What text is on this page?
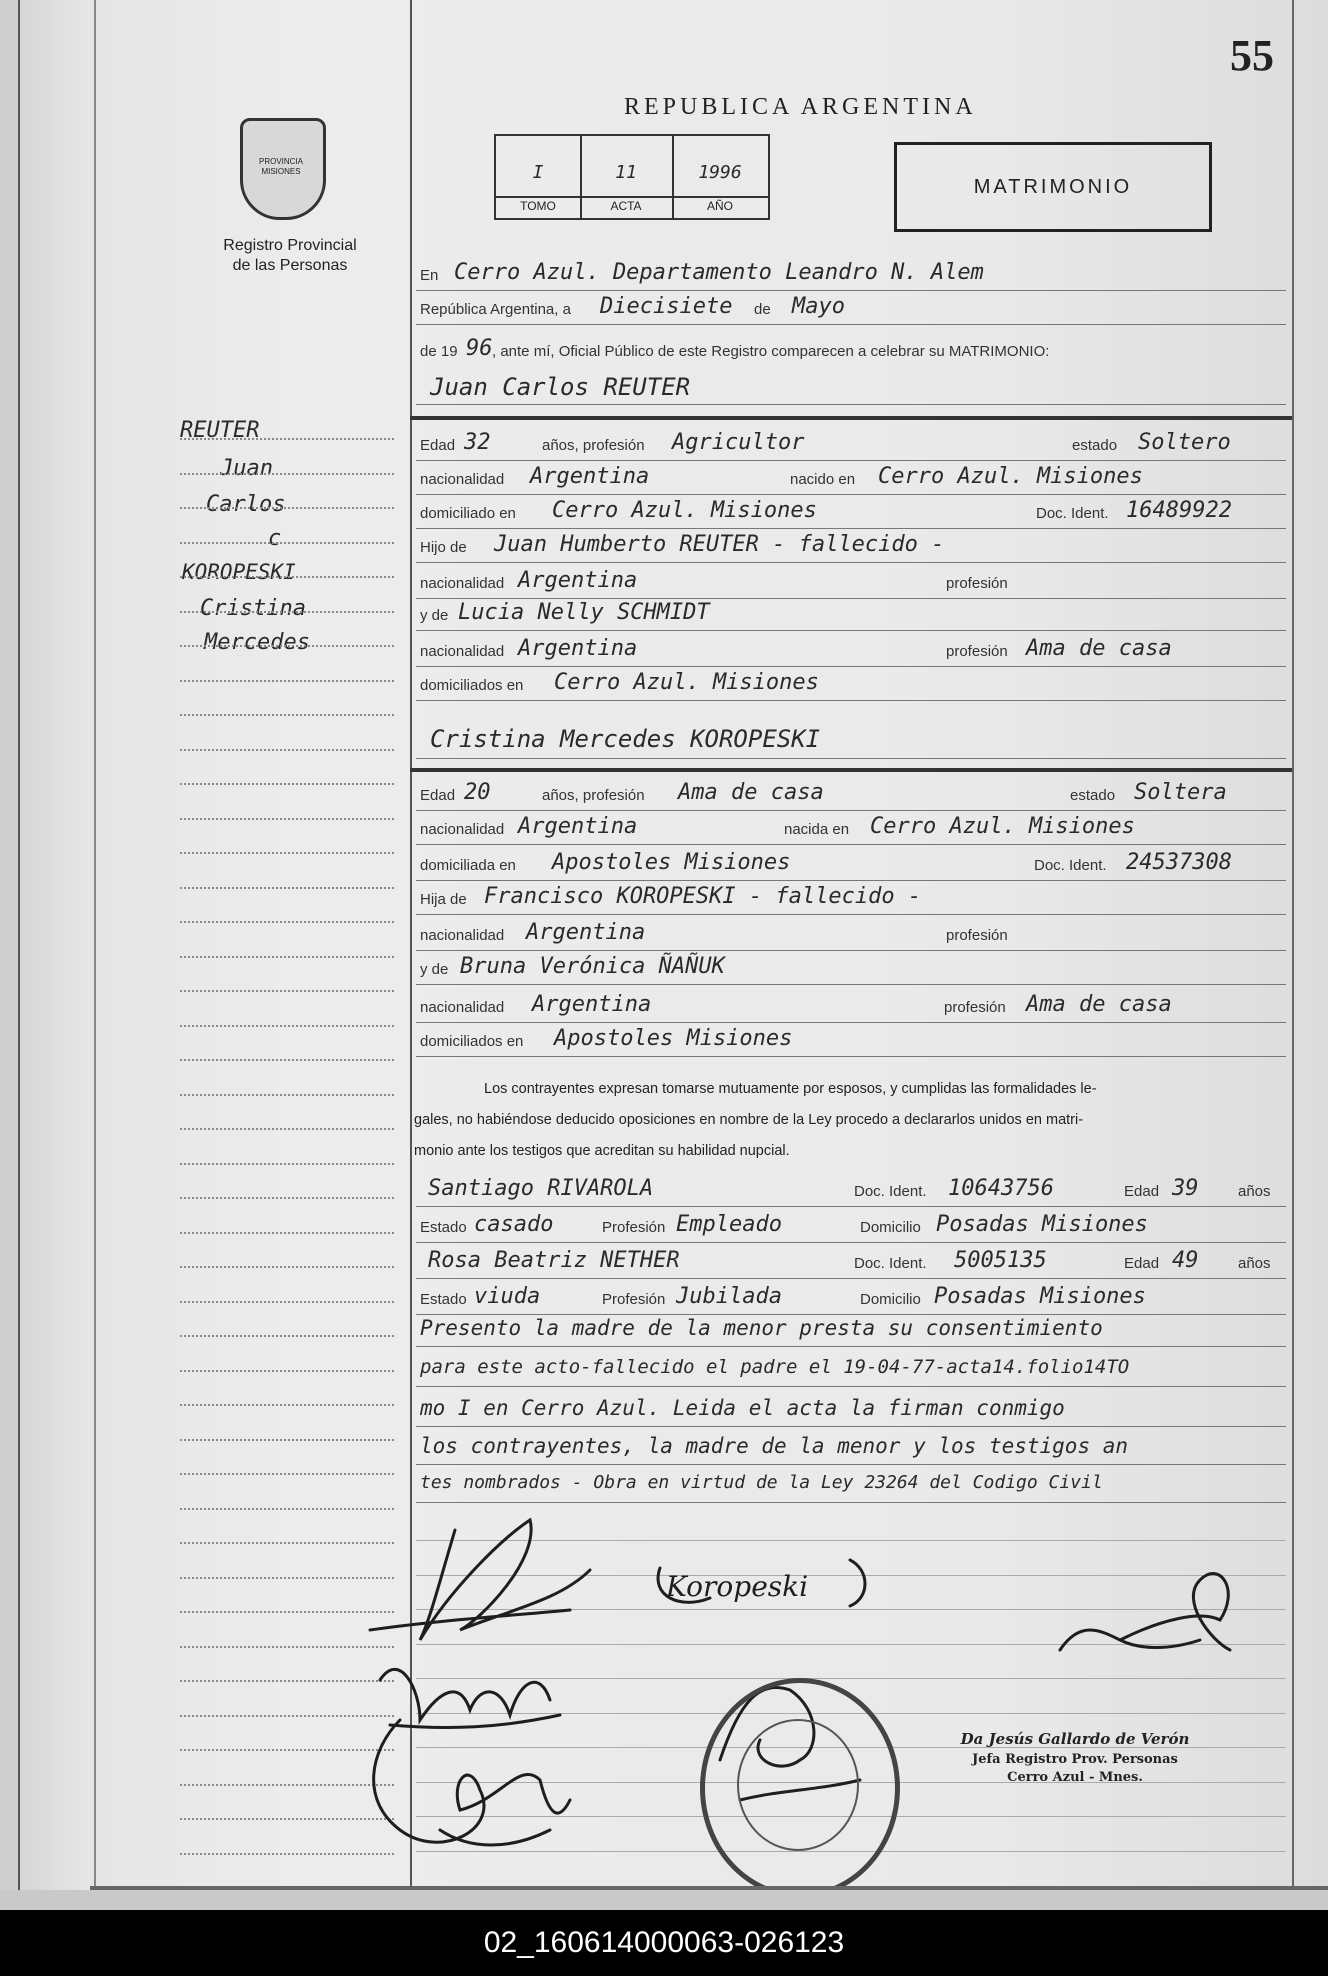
55
REPUBLICA ARGENTINA
PROVINCIA MISIONES
Registro Provincial
de las Personas
I	11	1996
TOMO	ACTA	AÑO
MATRIMONIO
REUTER
Juan
Carlos
c
KOROPESKI
Cristina
Mercedes
En Cerro Azul. Departamento Leandro N. Alem
República Argentina, a Diecisiete de Mayo
de 19 96 , ante mí, Oficial Público de este Registro comparecen a celebrar su MATRIMONIO:
Juan Carlos REUTER
Edad 32	años, profesión Agricultor	estado Soltero
nacionalidad Argentina	nacido en Cerro Azul. Misiones
domiciliado en Cerro Azul. Misiones	Doc. Ident. 16489922
Hijo de Juan Humberto REUTER - fallecido -
nacionalidad Argentina	profesión
y de Lucia Nelly SCHMIDT
nacionalidad Argentina	profesión Ama de casa
domiciliados en Cerro Azul. Misiones
Cristina Mercedes KOROPESKI
Edad 20	años, profesión Ama de casa	estado Soltera
nacionalidad Argentina	nacida en Cerro Azul. Misiones
domiciliada en Apostoles Misiones	Doc. Ident. 24537308
Hija de Francisco KOROPESKI - fallecido -
nacionalidad Argentina	profesión
y de Bruna Verónica ÑAÑUK
nacionalidad Argentina	profesión Ama de casa
domiciliados en Apostoles Misiones
Los contrayentes expresan tomarse mutuamente por esposos, y cumplidas las formalidades le-
gales, no habiéndose deducido oposiciones en nombre de la Ley procedo a declararlos unidos en matri-
monio ante los testigos que acreditan su habilidad nupcial.
Santiago RIVAROLA	Doc. Ident. 10643756	Edad 39	años
Estado casado	Profesión Empleado	Domicilio Posadas Misiones
Rosa Beatriz NETHER	Doc. Ident. 5005135	Edad 49	años
Estado viuda	Profesión Jubilada	Domicilio Posadas Misiones
Presento la madre de la menor presta su consentimiento
para este acto-fallecido el padre el 19-04-77-acta14.folio14TO
mo I en Cerro Azul. Leida el acta la firman conmigo
los contrayentes, la madre de la menor y los testigos an
tes nombrados - Obra en virtud de la Ley 23264 del Codigo Civil
Koropeski
Da Jesús Gallardo de Verón
Jefa Registro Prov. Personas
Cerro Azul - Mnes.
02_160614000063-026123
